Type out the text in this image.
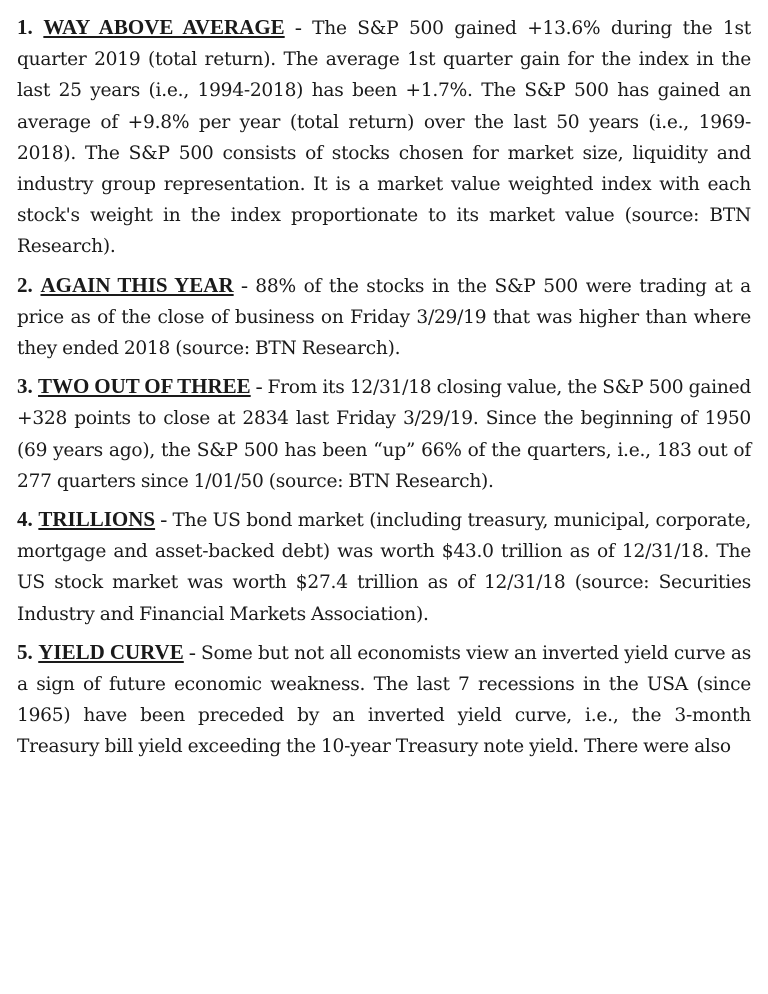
1. WAY ABOVE AVERAGE - The S&P 500 gained +13.6% during the 1st quarter 2019 (total return). The average 1st quarter gain for the index in the last 25 years (i.e., 1994-2018) has been +1.7%. The S&P 500 has gained an average of +9.8% per year (total return) over the last 50 years (i.e., 1969-2018). The S&P 500 consists of stocks chosen for market size, liquidity and industry group representation. It is a market value weighted index with each stock's weight in the index proportionate to its market value (source: BTN Research).

2. AGAIN THIS YEAR - 88% of the stocks in the S&P 500 were trading at a price as of the close of business on Friday 3/29/19 that was higher than where they ended 2018 (source: BTN Research).

3. TWO OUT OF THREE - From its 12/31/18 closing value, the S&P 500 gained +328 points to close at 2834 last Friday 3/29/19. Since the beginning of 1950 (69 years ago), the S&P 500 has been “up” 66% of the quarters, i.e., 183 out of 277 quarters since 1/01/50 (source: BTN Research).

4. TRILLIONS - The US bond market (including treasury, municipal, corporate, mortgage and asset-backed debt) was worth $43.0 trillion as of 12/31/18. The US stock market was worth $27.4 trillion as of 12/31/18 (source: Securities Industry and Financial Markets Association).

5. YIELD CURVE - Some but not all economists view an inverted yield curve as a sign of future economic weakness. The last 7 recessions in the USA (since 1965) have been preceded by an inverted yield curve, i.e., the 3-month Treasury bill yield exceeding the 10-year Treasury note yield. There were also
